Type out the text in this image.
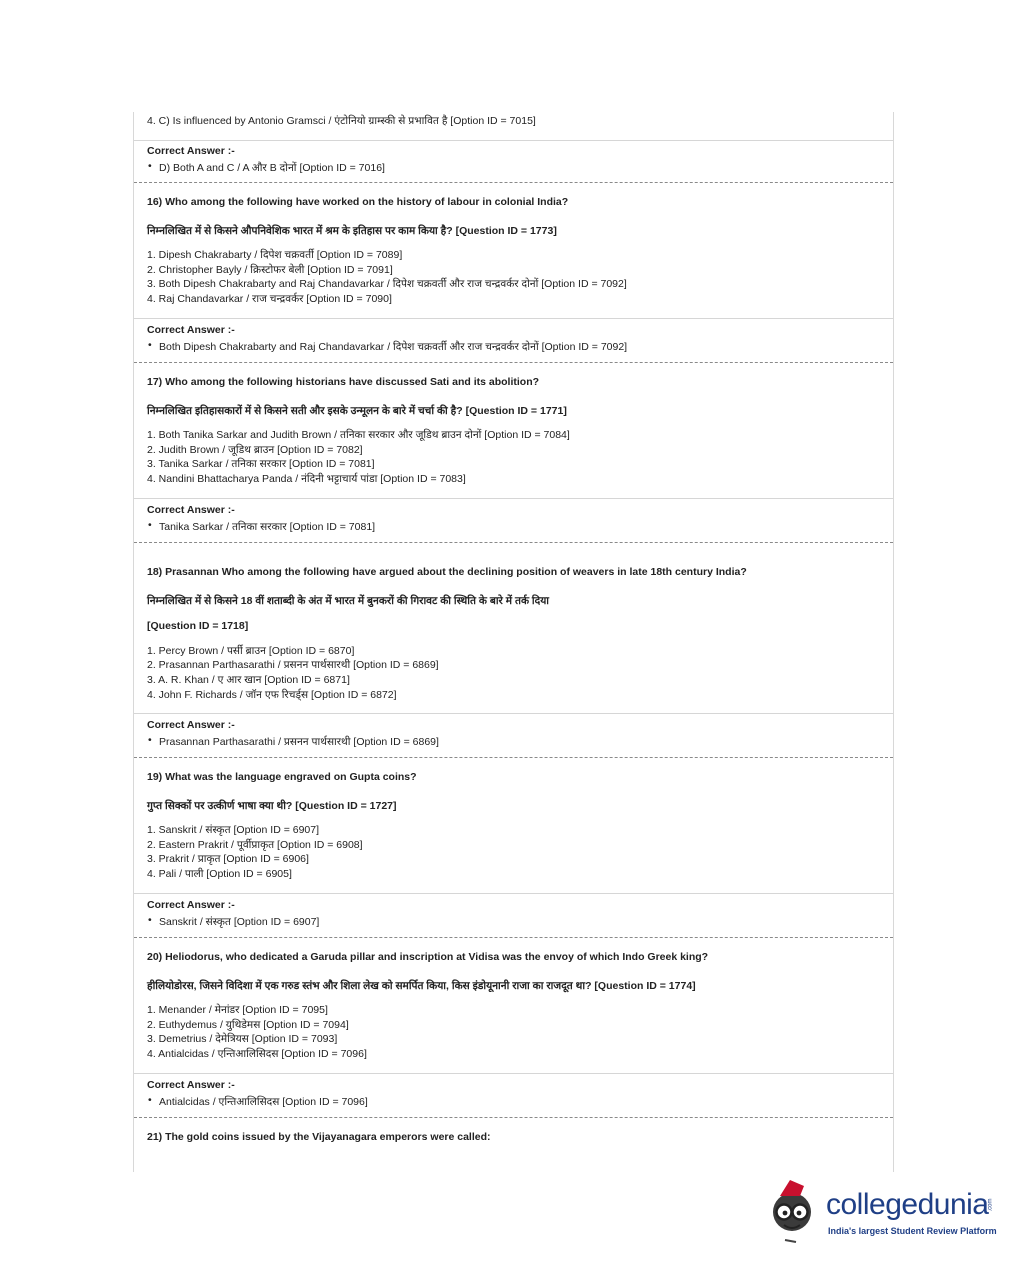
4. C) Is influenced by Antonio Gramsci / एंटोनियो ग्राम्स्की से प्रभावित है [Option ID = 7015]
Correct Answer :-
• D) Both A and C / A और B दोनों [Option ID = 7016]
16) Who among the following have worked on the history of labour in colonial India?
निम्नलिखित में से किसने औपनिवेशिक भारत में श्रम के इतिहास पर काम किया है? [Question ID = 1773]
1. Dipesh Chakrabarty / दिपेश चक्रवर्ती [Option ID = 7089]
2. Christopher Bayly / क्रिस्टोफर बेली [Option ID = 7091]
3. Both Dipesh Chakrabarty and Raj Chandavarkar / दिपेश चक्रवर्ती और राज चन्द्रवर्कर दोनों [Option ID = 7092]
4. Raj Chandavarkar / राज चन्द्रवर्कर [Option ID = 7090]
Correct Answer :-
• Both Dipesh Chakrabarty and Raj Chandavarkar / दिपेश चक्रवर्ती और राज चन्द्रवर्कर दोनों [Option ID = 7092]
17) Who among the following historians have discussed Sati and its abolition?
निम्नलिखित इतिहासकारों में से किसने सती और इसके उन्मूलन के बारे में चर्चा की है? [Question ID = 1771]
1. Both Tanika Sarkar and Judith Brown / तनिका सरकार और जूडिथ ब्राउन दोनों [Option ID = 7084]
2. Judith Brown / जूडिथ ब्राउन [Option ID = 7082]
3. Tanika Sarkar / तनिका सरकार [Option ID = 7081]
4. Nandini Bhattacharya Panda / नंदिनी भट्टाचार्य पांडा [Option ID = 7083]
Correct Answer :-
• Tanika Sarkar / तनिका सरकार [Option ID = 7081]
18) Prasannan Who among the following have argued about the declining position of weavers in late 18th century India?
निम्नलिखित में से किसने 18 वीं शताब्दी के अंत में भारत में बुनकरों की गिरावट की स्थिति के बारे में तर्क दिया
[Question ID = 1718]
1. Percy Brown / पर्सी ब्राउन [Option ID = 6870]
2. Prasannan Parthasarathi / प्रसनन पार्थसारथी [Option ID = 6869]
3. A. R. Khan / ए आर खान [Option ID = 6871]
4. John F. Richards / जॉन एफ रिचर्ड्स [Option ID = 6872]
Correct Answer :-
• Prasannan Parthasarathi / प्रसनन पार्थसारथी [Option ID = 6869]
19) What was the language engraved on Gupta coins?
गुप्त सिक्कों पर उत्कीर्ण भाषा क्या थी? [Question ID = 1727]
1. Sanskrit / संस्कृत [Option ID = 6907]
2. Eastern Prakrit / पूर्वीप्राकृत [Option ID = 6908]
3. Prakrit / प्राकृत [Option ID = 6906]
4. Pali / पाली [Option ID = 6905]
Correct Answer :-
• Sanskrit / संस्कृत [Option ID = 6907]
20) Heliodorus, who dedicated a Garuda pillar and inscription at Vidisa was the envoy of which Indo Greek king?
हीलियोडोरस, जिसने विदिशा में एक गरुड स्तंभ और शिला लेख को समर्पित किया, किस इंडोयूनानी राजा का राजदूत था? [Question ID = 1774]
1. Menander / मेनांडर [Option ID = 7095]
2. Euthydemus / युथिडेमस [Option ID = 7094]
3. Demetrius / देमेत्रियस [Option ID = 7093]
4. Antialcidas / एन्तिआलिसिदस [Option ID = 7096]
Correct Answer :-
• Antialcidas / एन्तिआलिसिदस [Option ID = 7096]
21) The gold coins issued by the Vijayanagara emperors were called:
collegedunia .com
India's largest Student Review Platform
